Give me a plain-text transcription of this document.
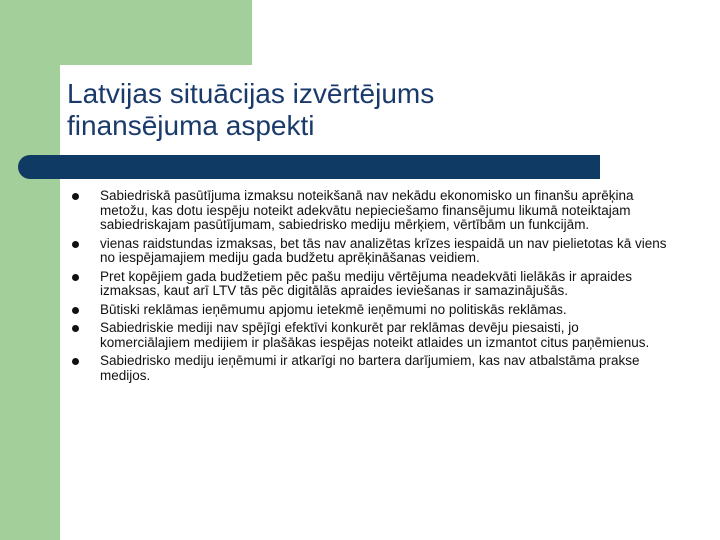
Latvijas situācijas izvērtējums
finansējuma aspekti
Sabiedriskā pasūtījuma izmaksu noteikšanā nav nekādu ekonomisko un finanšu aprēķina metožu, kas dotu iespēju noteikt adekvātu nepieciešamo finansējumu likumā noteiktajam sabiedriskajam pasūtījumam, sabiedrisko mediju mērķiem, vērtībām un funkcijām.
vienas raidstundas izmaksas, bet tās nav analizētas krīzes iespaidā un nav pielietotas kā viens no iespējamajiem mediju gada budžetu aprēķināšanas veidiem.
Pret kopējiem gada budžetiem pēc pašu mediju vērtējuma neadekvāti lielākās ir apraides izmaksas, kaut arī LTV tās pēc digitālās apraides ieviešanas ir samazinājušās.
Būtiski reklāmas ieņēmumu apjomu ietekmē ieņēmumi no politiskās reklāmas.
Sabiedriskie mediji nav spējīgi efektīvi konkurēt par reklāmas devēju piesaisti, jo komerciālajiem medijiem ir plašākas iespējas noteikt atlaides un izmantot citus paņēmienus.
Sabiedrisko mediju ieņēmumi ir atkarīgi no bartera darījumiem, kas nav atbalstāma prakse medijos.
